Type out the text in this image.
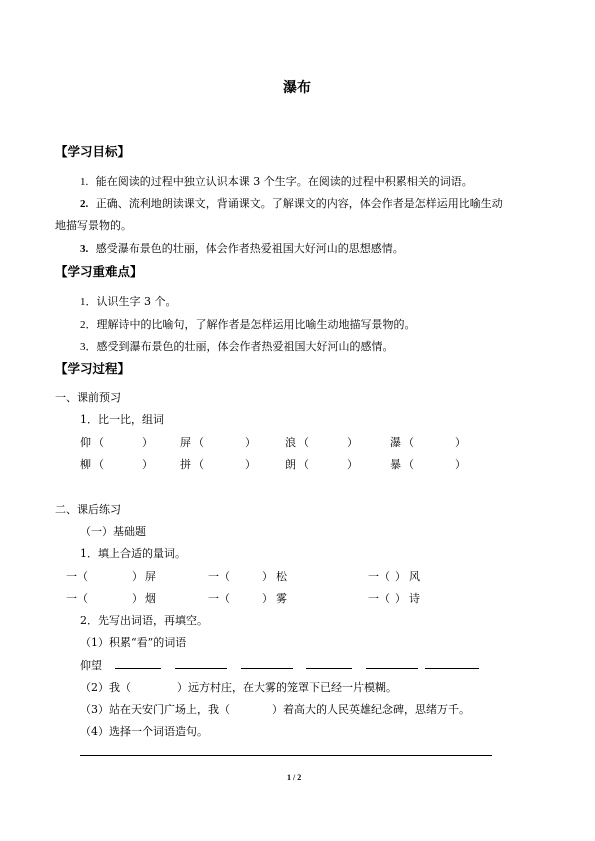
瀑布
【学习目标】
1. 能在阅读的过程中独立认识本课 3 个生字。在阅读的过程中积累相关的词语。
2. 正确、流利地朗读课文，背诵课文。了解课文的内容，体会作者是怎样运用比喻生动
地描写景物的。
3. 感受瀑布景色的壮丽，体会作者热爱祖国大好河山的思想感情。
【学习重难点】
1．认识生字 3 个。
2．理解诗中的比喻句，了解作者是怎样运用比喻生动地描写景物的。
3．感受到瀑布景色的壮丽，体会作者热爱祖国大好河山的感情。
【学习过程】
一、课前预习
1．比一比，组词
仰 （	） 屏 （	）	浪 （	）	瀑 （	）
柳 （	） 拼 （	）	朗 （	）	暴 （	）
二、课后练习
（一）基础题
1．填上合适的量词。
一（	） 屏	一（	） 松	一（ ） 风
一（	） 烟	一（	） 雾	一（ ） 诗
2．先写出词语，再填空。
（1）积累“看”的词语
仰望
（2）我（	）远方村庄，在大雾的笼罩下已经一片模糊。
（3）站在天安门广场上，我（	）着高大的人民英雄纪念碑，思绪万千。
（4）选择一个词语造句。
1 / 2
